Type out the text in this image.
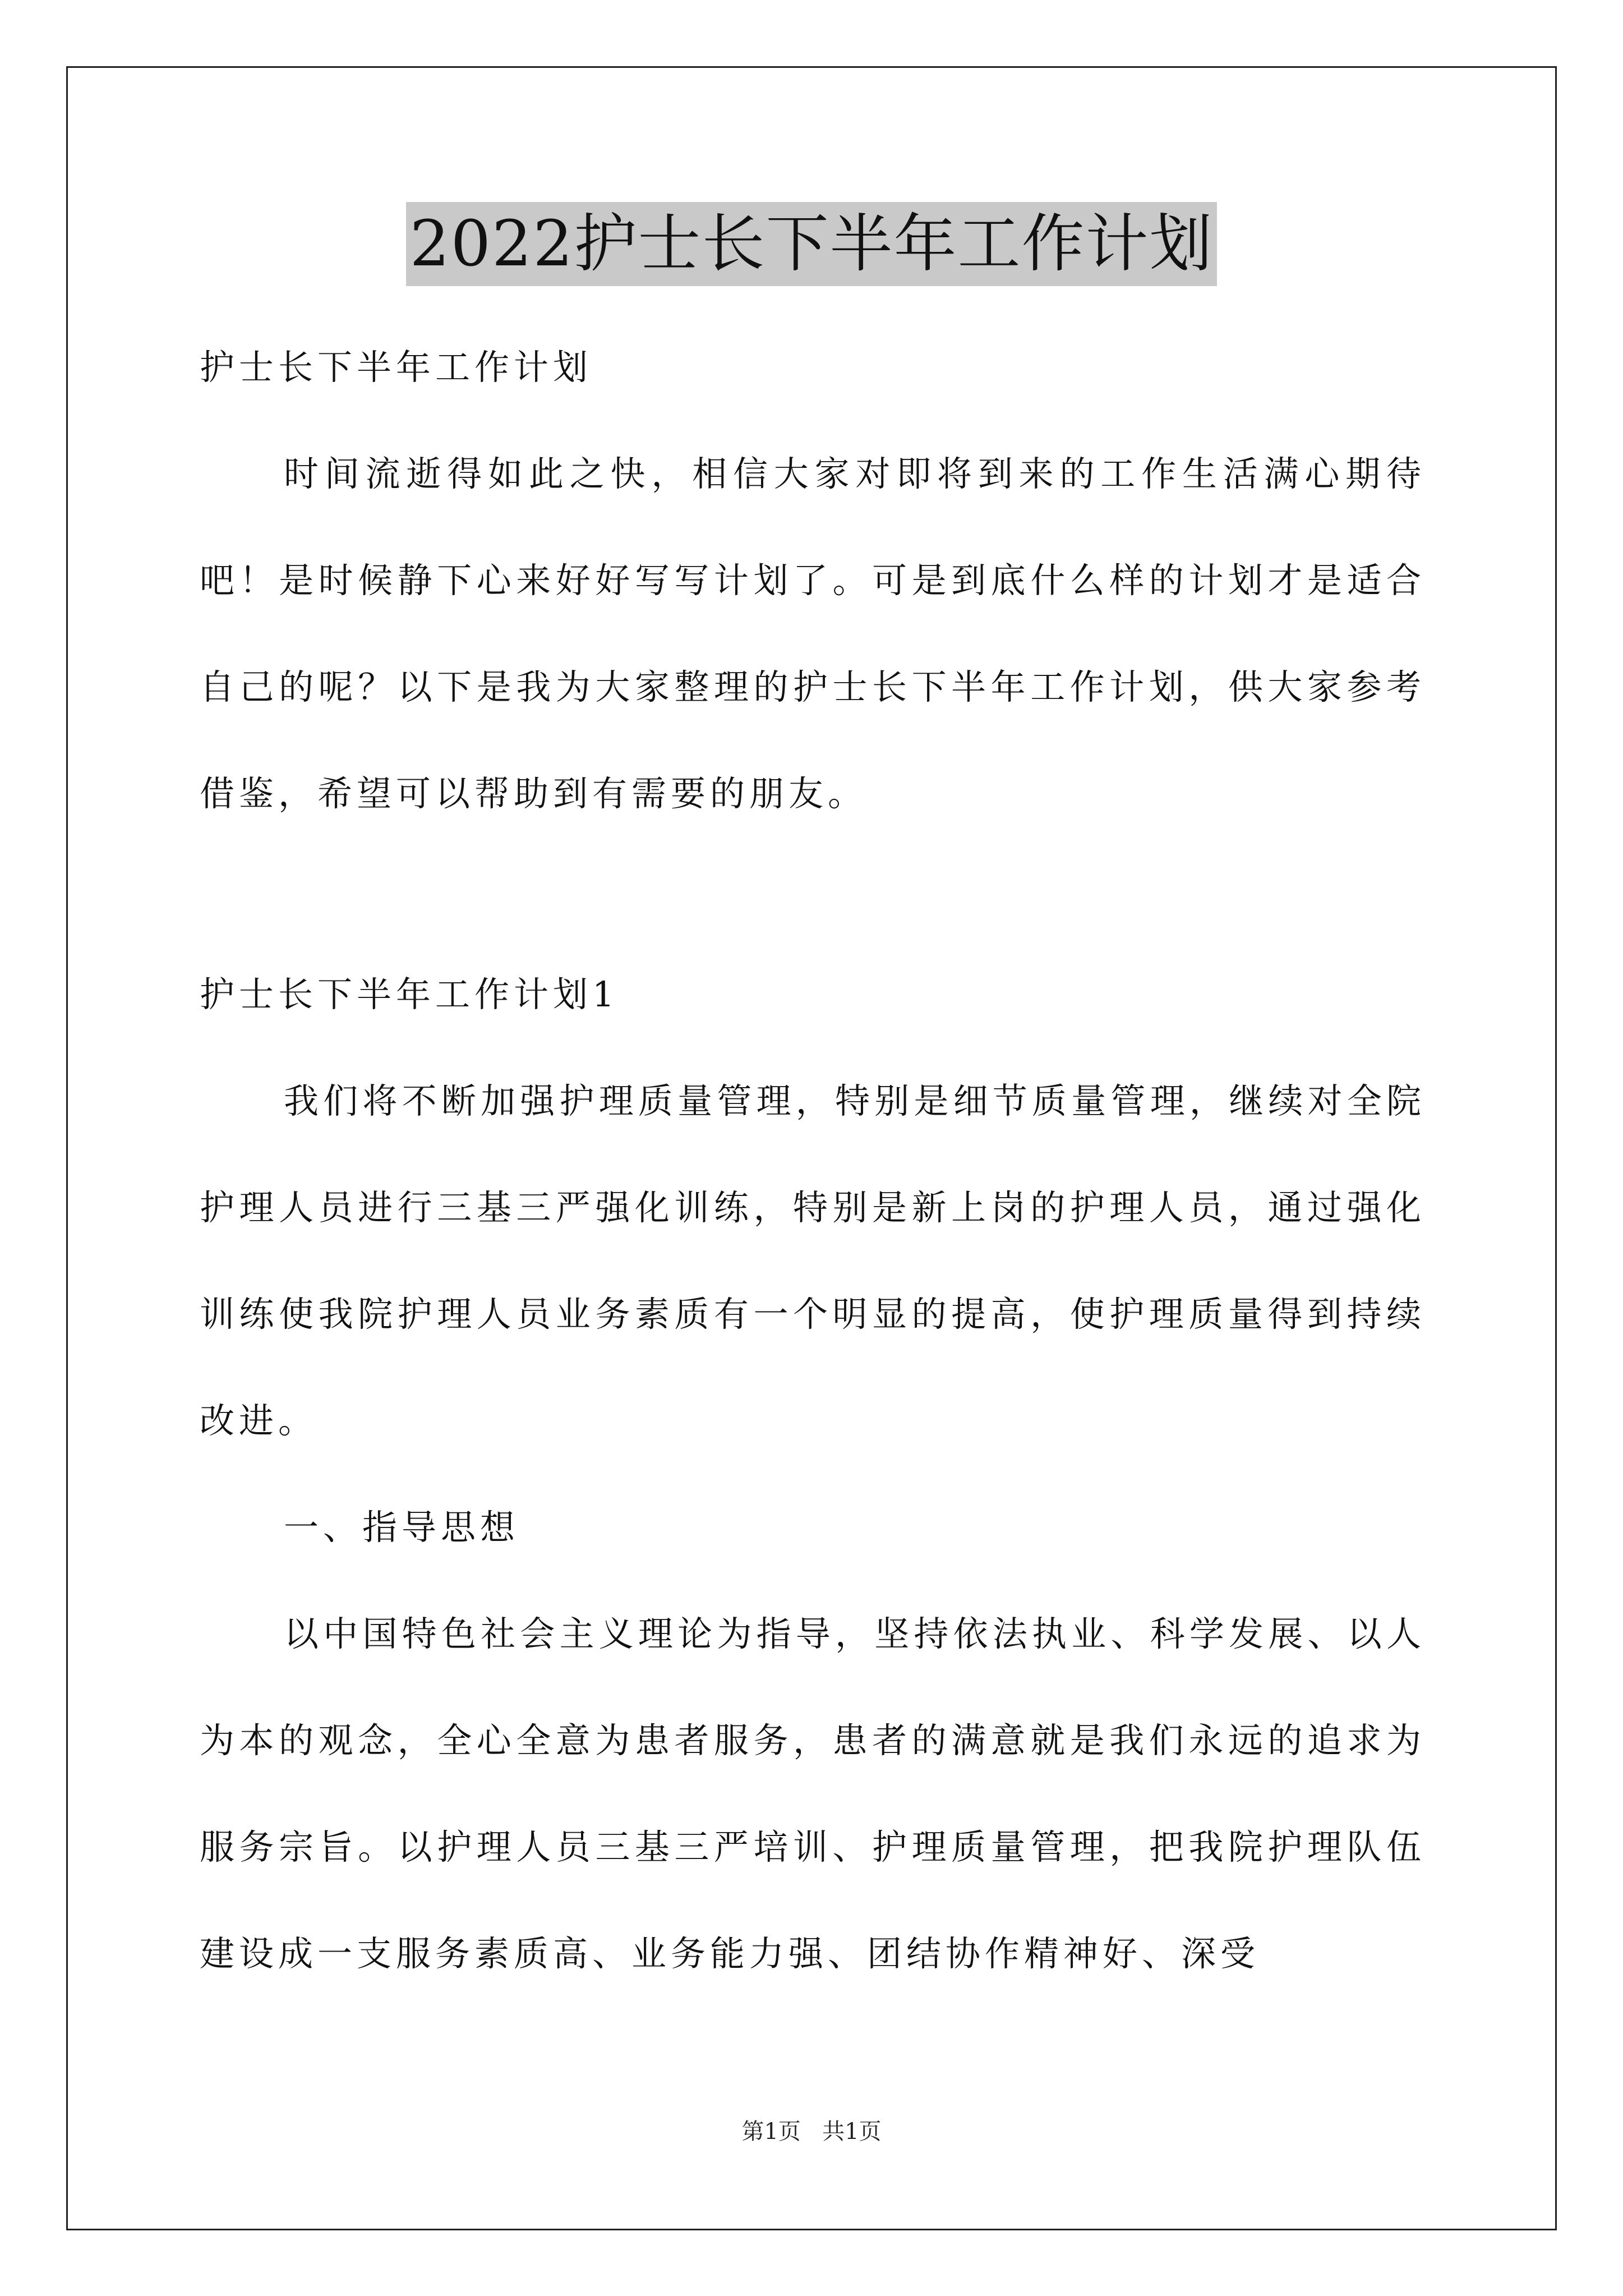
2022护士长下半年工作计划

护士长下半年工作计划

时间流逝得如此之快，相信大家对即将到来的工作生活满心期待吧！是时候静下心来好好写写计划了。可是到底什么样的计划才是适合自己的呢？以下是我为大家整理的护士长下半年工作计划，供大家参考借鉴，希望可以帮助到有需要的朋友。

护士长下半年工作计划1

我们将不断加强护理质量管理，特别是细节质量管理，继续对全院护理人员进行三基三严强化训练，特别是新上岗的护理人员，通过强化训练使我院护理人员业务素质有一个明显的提高，使护理质量得到持续改进。

一、指导思想

以中国特色社会主义理论为指导，坚持依法执业、科学发展、以人为本的观念，全心全意为患者服务，患者的满意就是我们永远的追求为服务宗旨。以护理人员三基三严培训、护理质量管理，把我院护理队伍建设成一支服务素质高、业务能力强、团结协作精神好、深受

第1页 共1页
